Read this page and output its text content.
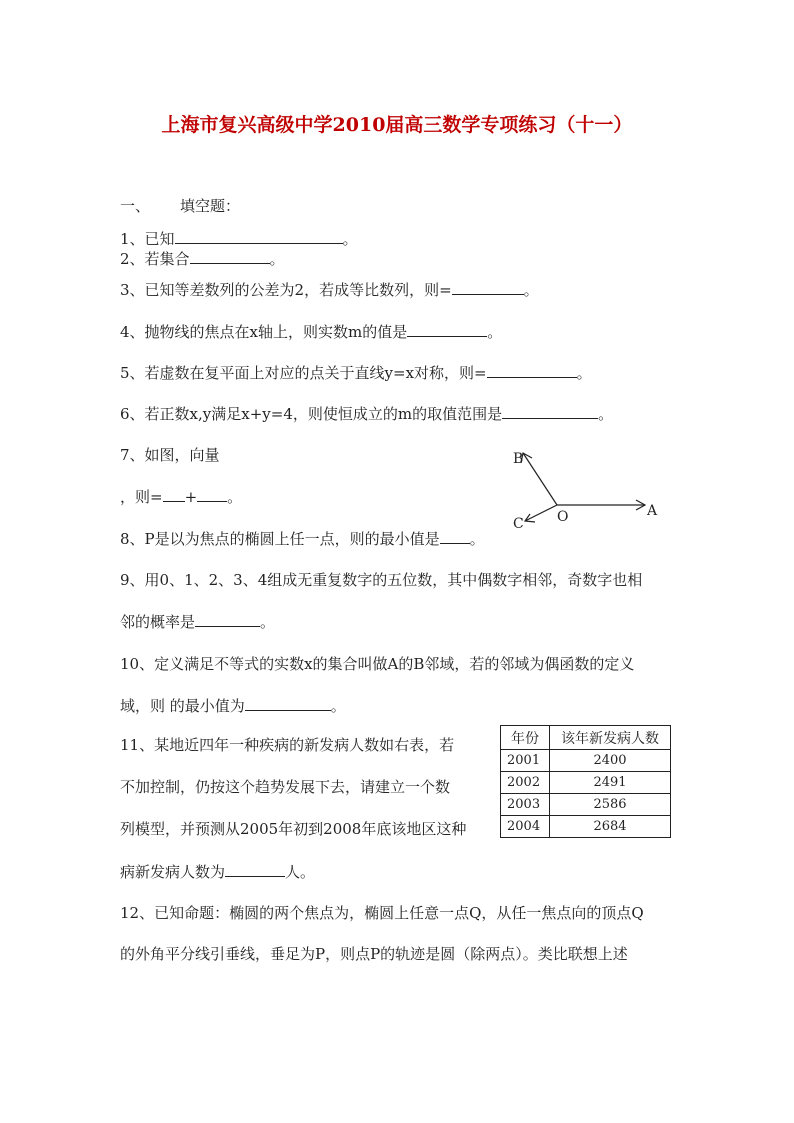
上海市复兴高级中学2010届高三数学专项练习（十一）
一、 填空题：
1、已知	。
2、若集合	。
3、已知等差数列的公差为2，若成等比数列，则=	。
4、抛物线的焦点在x轴上，则实数m的值是	。
5、若虚数在复平面上对应的点关于直线y=x对称，则=	。
6、若正数x,y满足x+y=4，则使恒成立的m的取值范围是	。
7、如图，向量
，则= + 。
B
C O	A
8、P是以为焦点的椭圆上任一点，则的最小值是 。
9、用0、1、2、3、4组成无重复数字的五位数，其中偶数字相邻，奇数字也相
邻的概率是	。
10、定义满足不等式的实数x的集合叫做A的B邻域，若的邻域为偶函数的定义
域，则 的最小值为	。
11、某地近四年一种疾病的新发病人数如右表，若
不加控制，仍按这个趋势发展下去，请建立一个数
列模型，并预测从2005年初到2008年底该地区这种
病新发病人数为	人。
年份	该年新发病人数
2001	2400
2002	2491
2003	2586
2004	2684
12、已知命题：椭圆的两个焦点为，椭圆上任意一点Q，从任一焦点向的顶点Q
的外角平分线引垂线，垂足为P，则点P的轨迹是圆（除两点）。类比联想上述
